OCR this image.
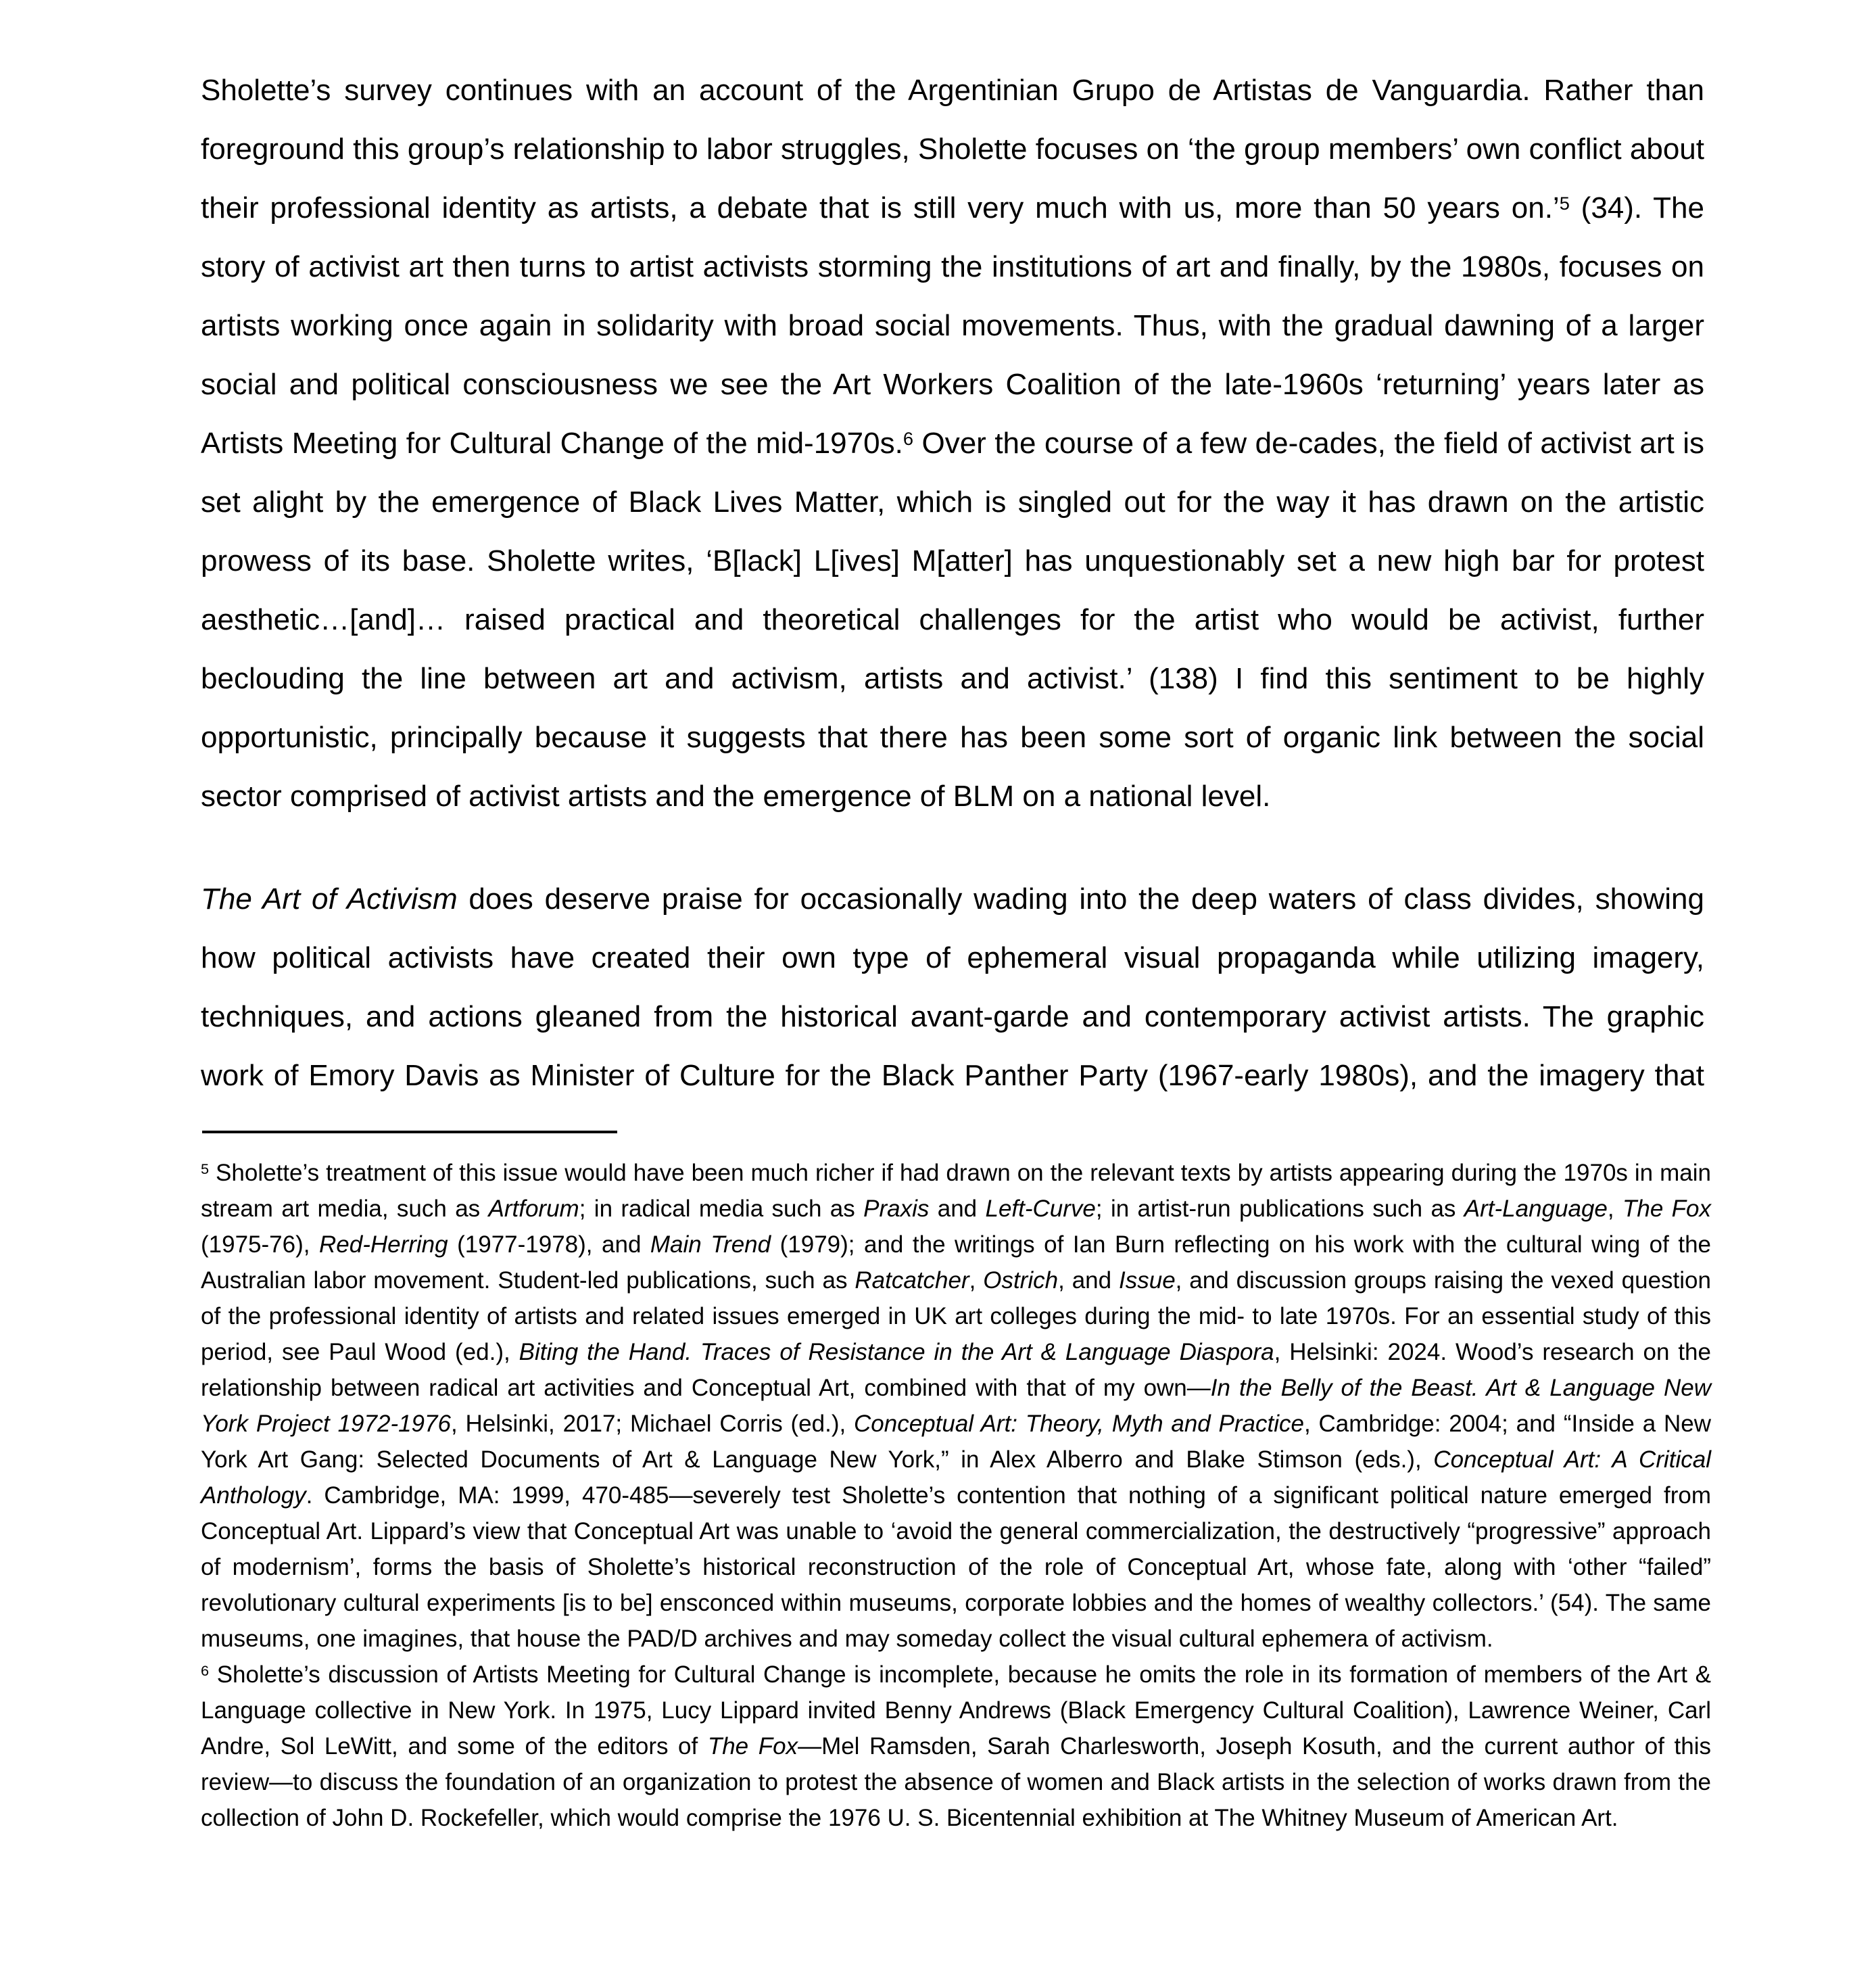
Sholette’s survey continues with an account of the Argentinian Grupo de Artistas de Vanguardia. Rather than foreground this group’s relationship to labor struggles, Sholette focuses on ‘the group members’ own conflict about their professional identity as artists, a debate that is still very much with us, more than 50 years on.’$^5$ (34). The story of activist art then turns to artist activists storming the institutions of art and finally, by the 1980s, focuses on artists working once again in solidarity with broad social movements. Thus, with the gradual dawning of a larger social and political consciousness we see the Art Workers Coalition of the late-1960s ‘returning’ years later as Artists Meeting for Cultural Change of the mid-1970s.$^6$ Over the course of a few de-cades, the field of activist art is set alight by the emergence of Black Lives Matter, which is singled out for the way it has drawn on the artistic prowess of its base. Sholette writes, ‘B[lack] L[ives] M[atter] has unquestionably set a new high bar for protest aesthetic…[and]… raised practical and theoretical challenges for the artist who would be activist, further beclouding the line between art and activism, artists and activist.’ (138) I find this sentiment to be highly opportunistic, principally because it suggests that there has been some sort of organic link between the social sector comprised of activist artists and the emergence of BLM on a national level.

The Art of Activism does deserve praise for occasionally wading into the deep waters of class divides, showing how political activists have created their own type of ephemeral visual propaganda while utilizing imagery, techniques, and actions gleaned from the historical avant-garde and contemporary activist artists. The graphic work of Emory Davis as Minister of Culture for the Black Panther Party (1967-early 1980s), and the imagery that

$^5$ Sholette’s treatment of this issue would have been much richer if had drawn on the relevant texts by artists appearing during the 1970s in main stream art media, such as Artforum; in radical media such as Praxis and Left-Curve; in artist-run publications such as Art-Language, The Fox (1975-76), Red-Herring (1977-1978), and Main Trend (1979); and the writings of Ian Burn reflecting on his work with the cultural wing of the Australian labor movement. Student-led publications, such as Ratcatcher, Ostrich, and Issue, and discussion groups raising the vexed question of the professional identity of artists and related issues emerged in UK art colleges during the mid- to late 1970s. For an essential study of this period, see Paul Wood (ed.), Biting the Hand. Traces of Resistance in the Art & Language Diaspora, Helsinki: 2024. Wood’s research on the relationship between radical art activities and Conceptual Art, combined with that of my own—In the Belly of the Beast. Art & Language New York Project 1972-1976, Helsinki, 2017; Michael Corris (ed.), Conceptual Art: Theory, Myth and Practice, Cambridge: 2004; and “Inside a New York Art Gang: Selected Documents of Art & Language New York,” in Alex Alberro and Blake Stimson (eds.), Conceptual Art: A Critical Anthology. Cambridge, MA: 1999, 470-485—severely test Sholette’s contention that nothing of a significant political nature emerged from Conceptual Art. Lippard’s view that Conceptual Art was unable to ‘avoid the general commercialization, the destructively “progressive” approach of modernism’, forms the basis of Sholette’s historical reconstruction of the role of Conceptual Art, whose fate, along with ‘other “failed” revolutionary cultural experiments [is to be] ensconced within museums, corporate lobbies and the homes of wealthy collectors.’ (54). The same museums, one imagines, that house the PAD/D archives and may someday collect the visual cultural ephemera of activism.

$^6$ Sholette’s discussion of Artists Meeting for Cultural Change is incomplete, because he omits the role in its formation of members of the Art & Language collective in New York. In 1975, Lucy Lippard invited Benny Andrews (Black Emergency Cultural Coalition), Lawrence Weiner, Carl Andre, Sol LeWitt, and some of the editors of The Fox—Mel Ramsden, Sarah Charlesworth, Joseph Kosuth, and the current author of this review—to discuss the foundation of an organization to protest the absence of women and Black artists in the selection of works drawn from the collection of John D. Rockefeller, which would comprise the 1976 U. S. Bicentennial exhibition at The Whitney Museum of American Art.
